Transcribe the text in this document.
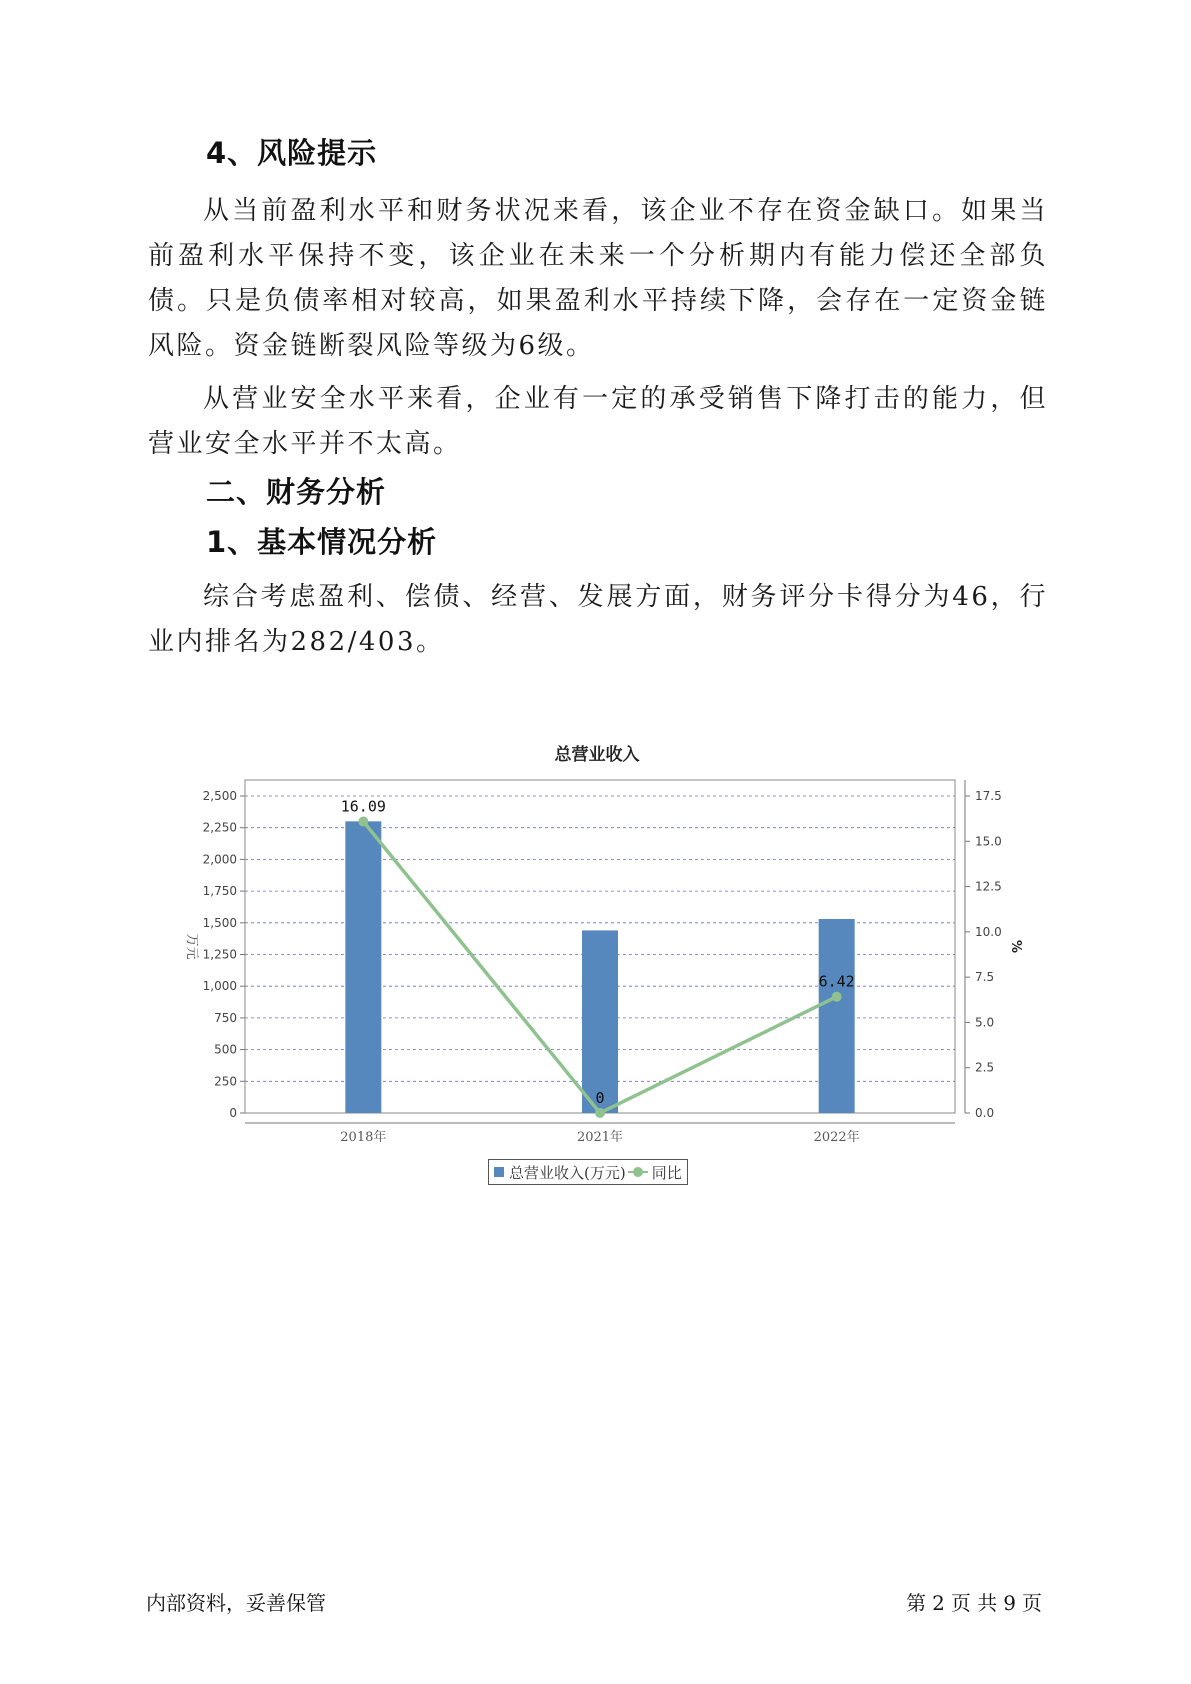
4、风险提示
从当前盈利水平和财务状况来看，该企业不存在资金缺口。如果当前盈利水平保持不变，该企业在未来一个分析期内有能力偿还全部负债。只是负债率相对较高，如果盈利水平持续下降，会存在一定资金链风险。资金链断裂风险等级为6级。
从营业安全水平来看，企业有一定的承受销售下降打击的能力，但营业安全水平并不太高。
二、财务分析
1、基本情况分析
综合考虑盈利、偿债、经营、发展方面，财务评分卡得分为46，行业内排名为282/403。
总营业收入
0
250
500
750
1,000
1,250
1,500
1,750
2,000
2,250
2,500
0.0
2.5
5.0
7.5
10.0
12.5
15.0
17.5
万元	%
2018年	2021年	2022年
16.09
0
6.42
总营业收入(万元) 同比
内部资料，妥善保管	第 2 页 共 9 页
